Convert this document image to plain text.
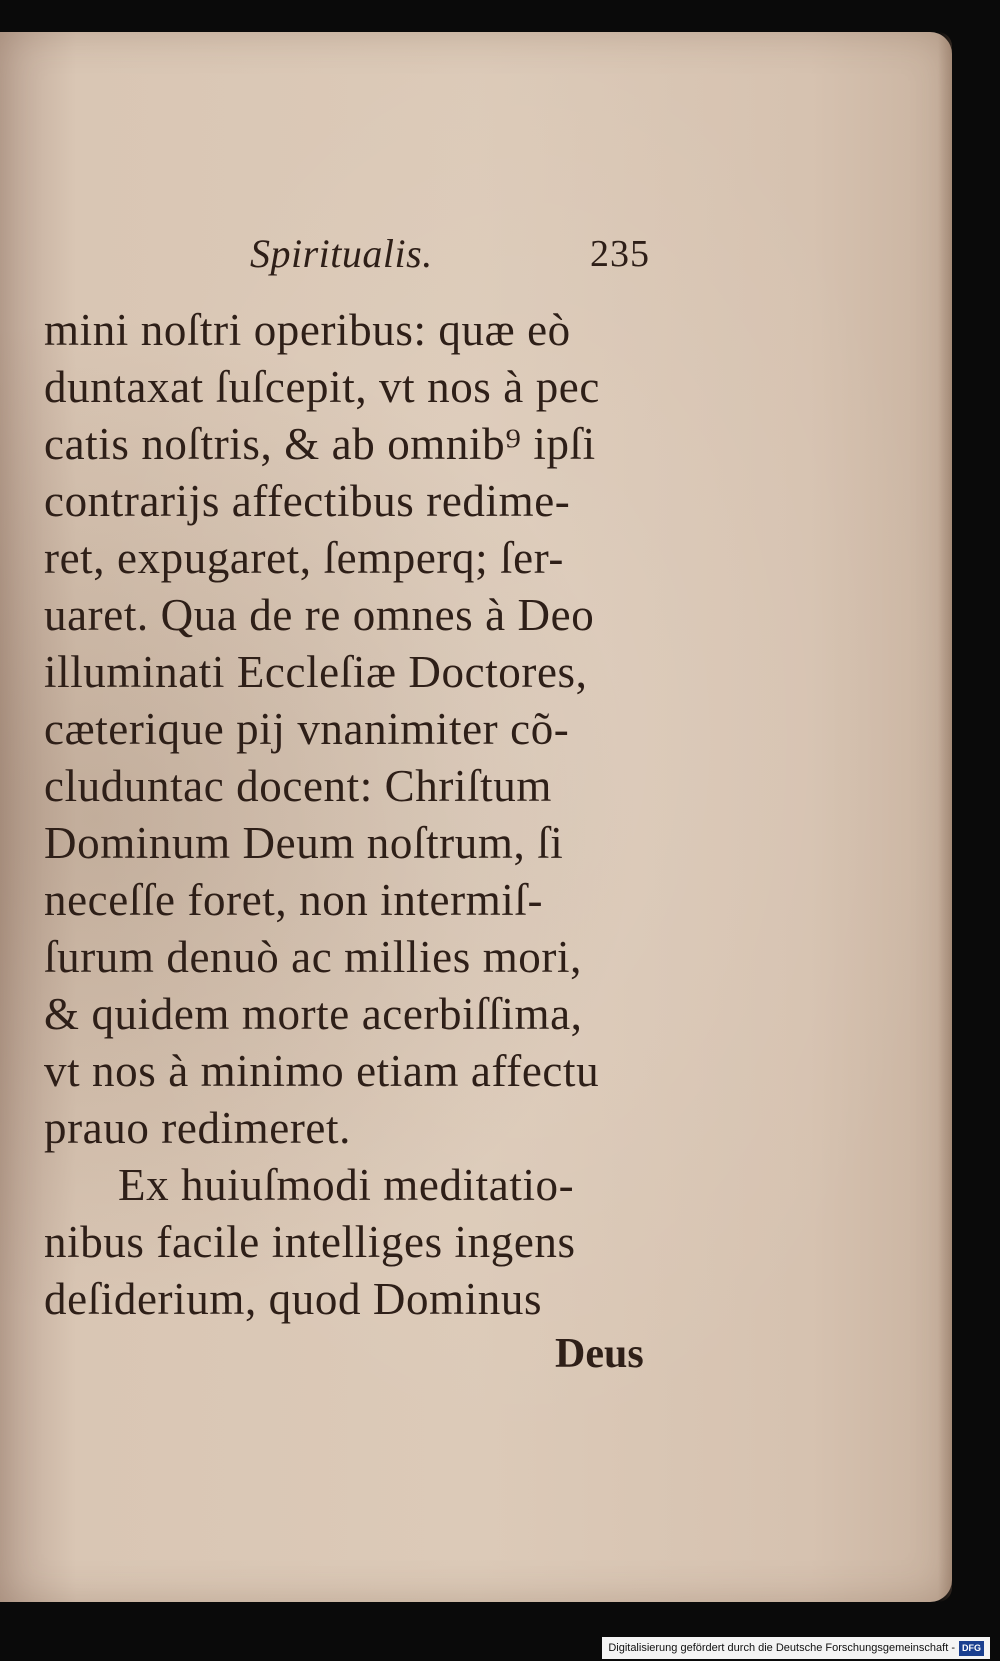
Spiritualis.	235
mini noſtri operibus: quæ eò
duntaxat ſuſcepit, vt nos à pec
catis noſtris, & ab omnib⁹ ipſi
contrarijs affectibus redime-
ret, expugaret, ſemperq; ſer-
uaret. Qua de re omnes à Deo
illuminati Eccleſiæ Doctores,
cæterique pij vnanimiter cõ-
cluduntac docent: Chriſtum
Dominum Deum noſtrum, ſi
neceſſe foret, non intermiſ-
ſurum denuò ac millies mori,
& quidem morte acerbiſſima,
vt nos à minimo etiam affectu
prauo redimeret.
Ex huiuſmodi meditatio-
nibus facile intelliges ingens
deſiderium, quod Dominus
Deus
Digitalisierung gefördert durch die Deutsche Forschungsgemeinschaft - DFG
